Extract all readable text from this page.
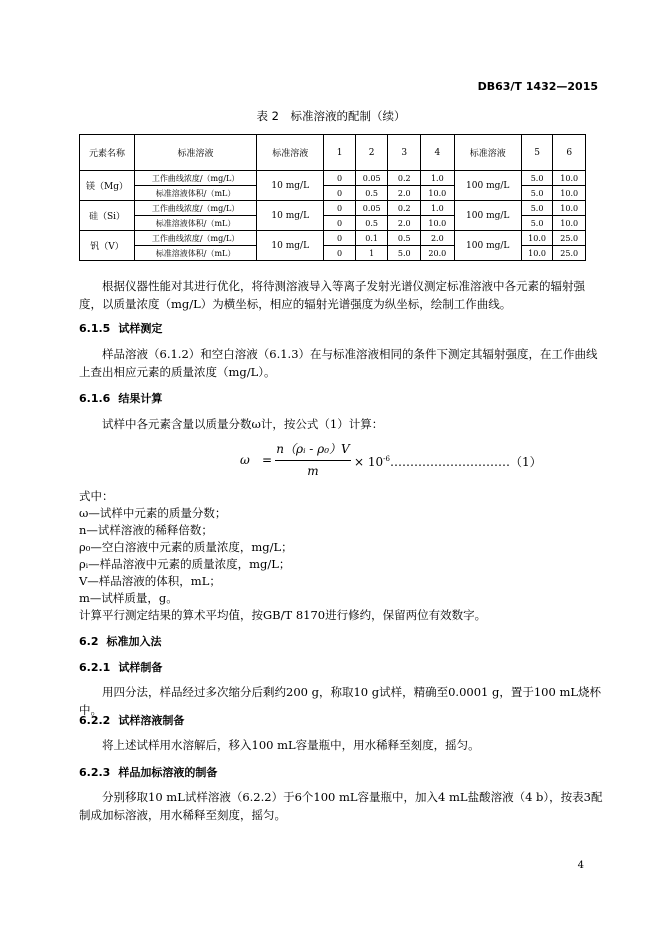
DB63/T 1432—2015
表 2　标准溶液的配制（续）
元素名称	标准溶液	标准溶液	1	2	3	4	标准溶液	5	6
镁（Mg）	工作曲线浓度/（mg/L）	10 mg/L	0	0.05	0.2	1.0	100 mg/L	5.0	10.0
	标准溶液体积/（mL）		0	0.5	2.0	10.0		5.0	10.0
硅（Si）	工作曲线浓度/（mg/L）	10 mg/L	0	0.05	0.2	1.0	100 mg/L	5.0	10.0
	标准溶液体积/（mL）		0	0.5	2.0	10.0		5.0	10.0
钒（V）	工作曲线浓度/（mg/L）	10 mg/L	0	0.1	0.5	2.0	100 mg/L	10.0	25.0
	标准溶液体积/（mL）		0	1	5.0	20.0		10.0	25.0
根据仪器性能对其进行优化，将待测溶液导入等离子发射光谱仪测定标准溶液中各元素的辐射强度，以质量浓度（mg/L）为横坐标，相应的辐射光谱强度为纵坐标，绘制工作曲线。
6.1.5 试样测定
样品溶液（6.1.2）和空白溶液（6.1.3）在与标准溶液相同的条件下测定其辐射强度，在工作曲线上查出相应元素的质量浓度（mg/L）。
6.1.6 结果计算
试样中各元素含量以质量分数ω计，按公式（1）计算：
ω =
n（ρᵢ - ρ₀）V
m
× $10^{-6}\dots\dots\dots\dots\dots\dots\dots\dots\dots\dots(1)$
式中：
ω—试样中元素的质量分数；
n—试样溶液的稀释倍数；
ρ₀—空白溶液中元素的质量浓度，mg/L；
ρᵢ—样品溶液中元素的质量浓度，mg/L；
V—样品溶液的体积，mL；
m—试样质量，g。
计算平行测定结果的算术平均值，按GB/T 8170进行修约，保留两位有效数字。
6.2 标准加入法
6.2.1 试样制备
用四分法，样品经过多次缩分后剩约200 g，称取10 g试样，精确至0.0001 g，置于100 mL烧杯中。
6.2.2 试样溶液制备
将上述试样用水溶解后，移入100 mL容量瓶中，用水稀释至刻度，摇匀。
6.2.3 样品加标溶液的制备
分别移取10 mL试样溶液（6.2.2）于6个100 mL容量瓶中，加入4 mL盐酸溶液（4 b），按表3配制成加标溶液，用水稀释至刻度，摇匀。
4
